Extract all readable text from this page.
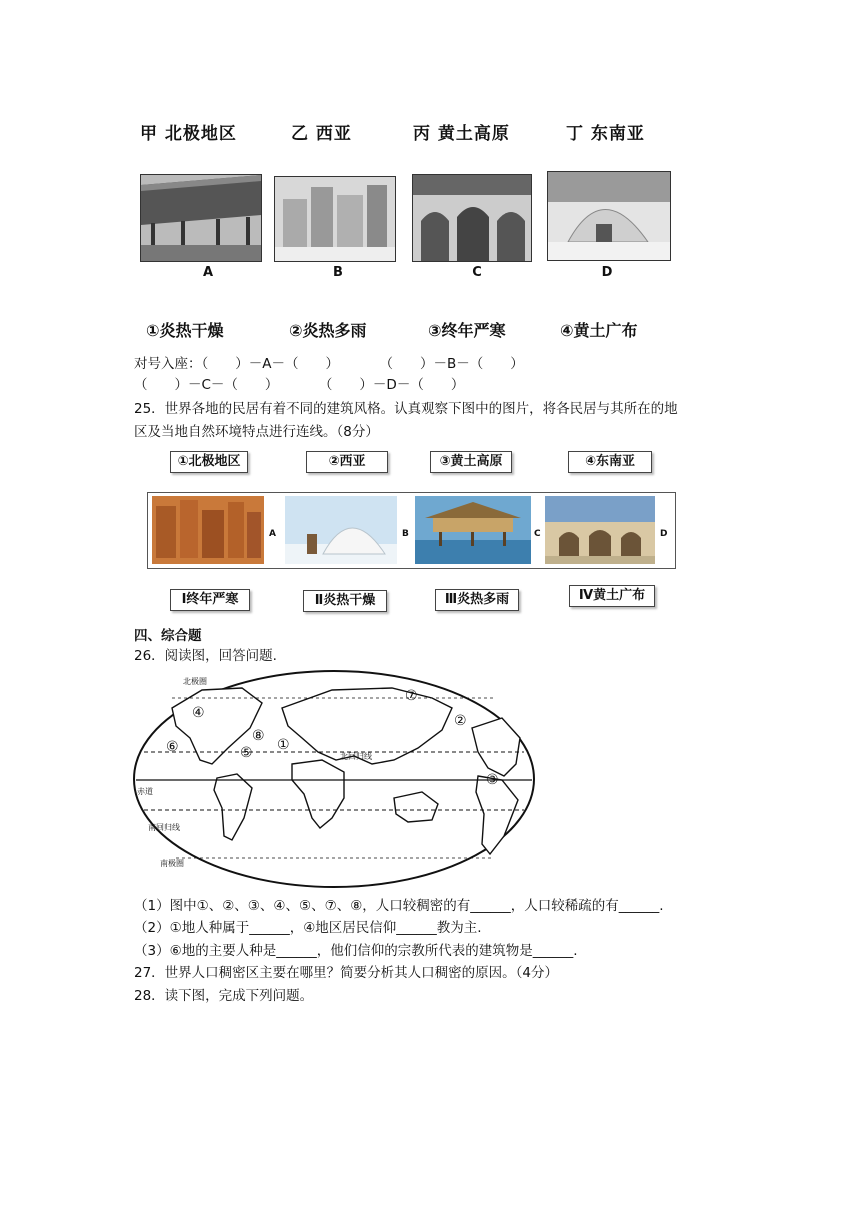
甲 北极地区	乙 西亚	丙 黄土高原	丁 东南亚
A	B	C	D
①炎热干燥	②炎热多雨	③终年严寒	④黄土广布
对号入座：（　　）－A－（　　）　　　　（　　）－B－（　　）
（　　）－C－（　　）　　　　（　　）－D－（　　）
25．世界各地的民居有着不同的建筑风格。认真观察下图中的图片，将各民居与其所在的地
区及当地自然环境特点进行连线。（8分）
①北极地区	②西亚	③黄土高原	④东南亚
A	B	C	D
Ⅰ终年严寒	Ⅱ炎热干燥	Ⅲ炎热多雨	Ⅳ黄土广布
四、综合题
26．阅读图，回答问题.
北极圈
北回归线
赤道
南回归线
南极圈
①
②
③
④
⑤
⑥
⑦
⑧
（1）图中①、②、③、④、⑤、⑦、⑧，人口较稠密的有______，人口较稀疏的有______.
（2）①地人种属于______，④地区居民信仰______教为主.
（3）⑥地的主要人种是______，他们信仰的宗教所代表的建筑物是______.
27．世界人口稠密区主要在哪里？简要分析其人口稠密的原因。（4分）
28．读下图，完成下列问题。
